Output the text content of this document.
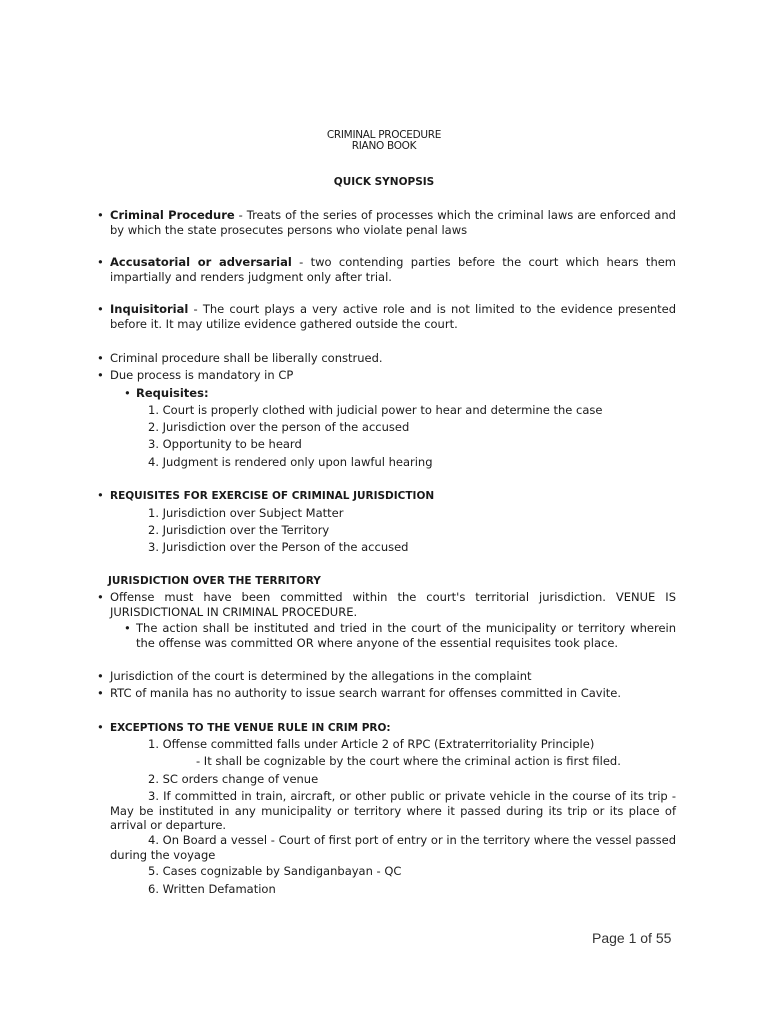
CRIMINAL PROCEDURE
RIANO BOOK
QUICK SYNOPSIS
• Criminal Procedure - Treats of the series of processes which the criminal laws are enforced and by which the state prosecutes persons who violate penal laws
• Accusatorial or adversarial - two contending parties before the court which hears them impartially and renders judgment only after trial.
• Inquisitorial - The court plays a very active role and is not limited to the evidence presented before it. It may utilize evidence gathered outside the court.
• Criminal procedure shall be liberally construed.
• Due process is mandatory in CP
• Requisites:
1. Court is properly clothed with judicial power to hear and determine the case
2. Jurisdiction over the person of the accused
3. Opportunity to be heard
4. Judgment is rendered only upon lawful hearing
• REQUISITES FOR EXERCISE OF CRIMINAL JURISDICTION
1. Jurisdiction over Subject Matter
2. Jurisdiction over the Territory
3. Jurisdiction over the Person of the accused
JURISDICTION OVER THE TERRITORY
• Offense must have been committed within the court's territorial jurisdiction. VENUE IS JURISDICTIONAL IN CRIMINAL PROCEDURE.
• The action shall be instituted and tried in the court of the municipality or territory wherein the offense was committed OR where anyone of the essential requisites took place.
• Jurisdiction of the court is determined by the allegations in the complaint
• RTC of manila has no authority to issue search warrant for offenses committed in Cavite.
• EXCEPTIONS TO THE VENUE RULE IN CRIM PRO:
1. Offense committed falls under Article 2 of RPC (Extraterritoriality Principle)
- It shall be cognizable by the court where the criminal action is first filed.
2. SC orders change of venue
3. If committed in train, aircraft, or other public or private vehicle in the course of its trip - May be instituted in any municipality or territory where it passed during its trip or its place of arrival or departure.
4. On Board a vessel - Court of first port of entry or in the territory where the vessel passed during the voyage
5. Cases cognizable by Sandiganbayan - QC
6. Written Defamation
Page 1 of 55
